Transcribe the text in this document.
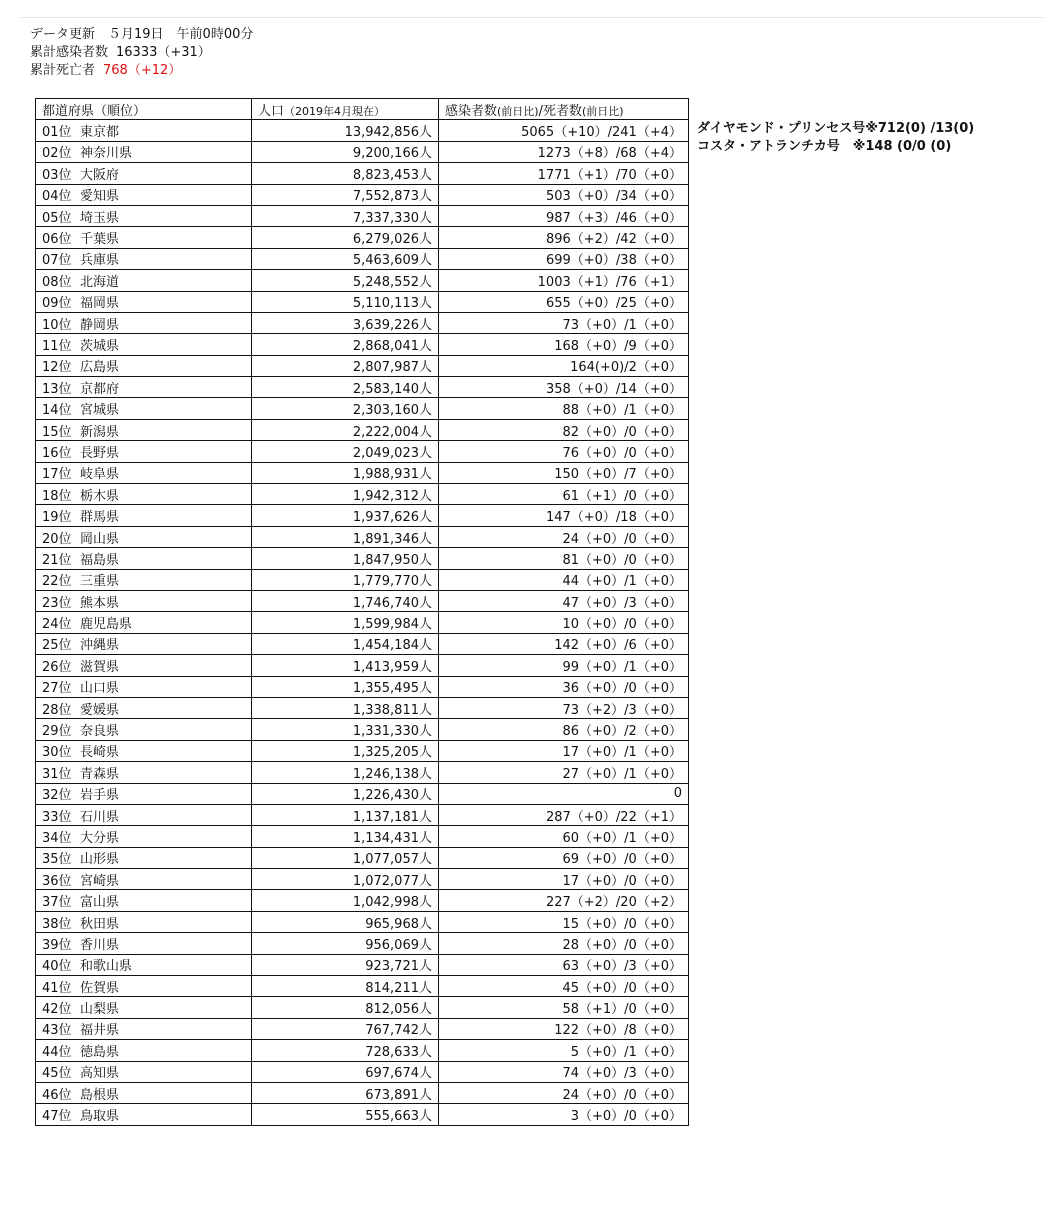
データ更新　５月19日　午前0時00分
累計感染者数 16333（+31）
累計死亡者 768（+12）
都道府県（順位）	人口（2019年4月現在）	感染者数(前日比)/死者数(前日比)
01位 東京都	13,942,856人	5065（+10）/241（+4）
02位 神奈川県	9,200,166人	1273（+8）/68（+4）
03位 大阪府	8,823,453人	1771（+1）/70（+0）
04位 愛知県	7,552,873人	503（+0）/34（+0）
05位 埼玉県	7,337,330人	987（+3）/46（+0）
06位 千葉県	6,279,026人	896（+2）/42（+0）
07位 兵庫県	5,463,609人	699（+0）/38（+0）
08位 北海道	5,248,552人	1003（+1）/76（+1）
09位 福岡県	5,110,113人	655（+0）/25（+0）
10位 静岡県	3,639,226人	73（+0）/1（+0）
11位 茨城県	2,868,041人	168（+0）/9（+0）
12位 広島県	2,807,987人	164(+0)/2（+0）
13位 京都府	2,583,140人	358（+0）/14（+0）
14位 宮城県	2,303,160人	88（+0）/1（+0）
15位 新潟県	2,222,004人	82（+0）/0（+0）
16位 長野県	2,049,023人	76（+0）/0（+0）
17位 岐阜県	1,988,931人	150（+0）/7（+0）
18位 栃木県	1,942,312人	61（+1）/0（+0）
19位 群馬県	1,937,626人	147（+0）/18（+0）
20位 岡山県	1,891,346人	24（+0）/0（+0）
21位 福島県	1,847,950人	81（+0）/0（+0）
22位 三重県	1,779,770人	44（+0）/1（+0）
23位 熊本県	1,746,740人	47（+0）/3（+0）
24位 鹿児島県	1,599,984人	10（+0）/0（+0）
25位 沖縄県	1,454,184人	142（+0）/6（+0）
26位 滋賀県	1,413,959人	99（+0）/1（+0）
27位 山口県	1,355,495人	36（+0）/0（+0）
28位 愛媛県	1,338,811人	73（+2）/3（+0）
29位 奈良県	1,331,330人	86（+0）/2（+0）
30位 長崎県	1,325,205人	17（+0）/1（+0）
31位 青森県	1,246,138人	27（+0）/1（+0）
32位 岩手県	1,226,430人	0
33位 石川県	1,137,181人	287（+0）/22（+1）
34位 大分県	1,134,431人	60（+0）/1（+0）
35位 山形県	1,077,057人	69（+0）/0（+0）
36位 宮崎県	1,072,077人	17（+0）/0（+0）
37位 富山県	1,042,998人	227（+2）/20（+2）
38位 秋田県	965,968人	15（+0）/0（+0）
39位 香川県	956,069人	28（+0）/0（+0）
40位 和歌山県	923,721人	63（+0）/3（+0）
41位 佐賀県	814,211人	45（+0）/0（+0）
42位 山梨県	812,056人	58（+1）/0（+0）
43位 福井県	767,742人	122（+0）/8（+0）
44位 徳島県	728,633人	5（+0）/1（+0）
45位 高知県	697,674人	74（+0）/3（+0）
46位 島根県	673,891人	24（+0）/0（+0）
47位 鳥取県	555,663人	3（+0）/0（+0）
ダイヤモンド・プリンセス号※712(0) /13(0)
コスタ・アトランチカ号　※148 (0/0 (0)
